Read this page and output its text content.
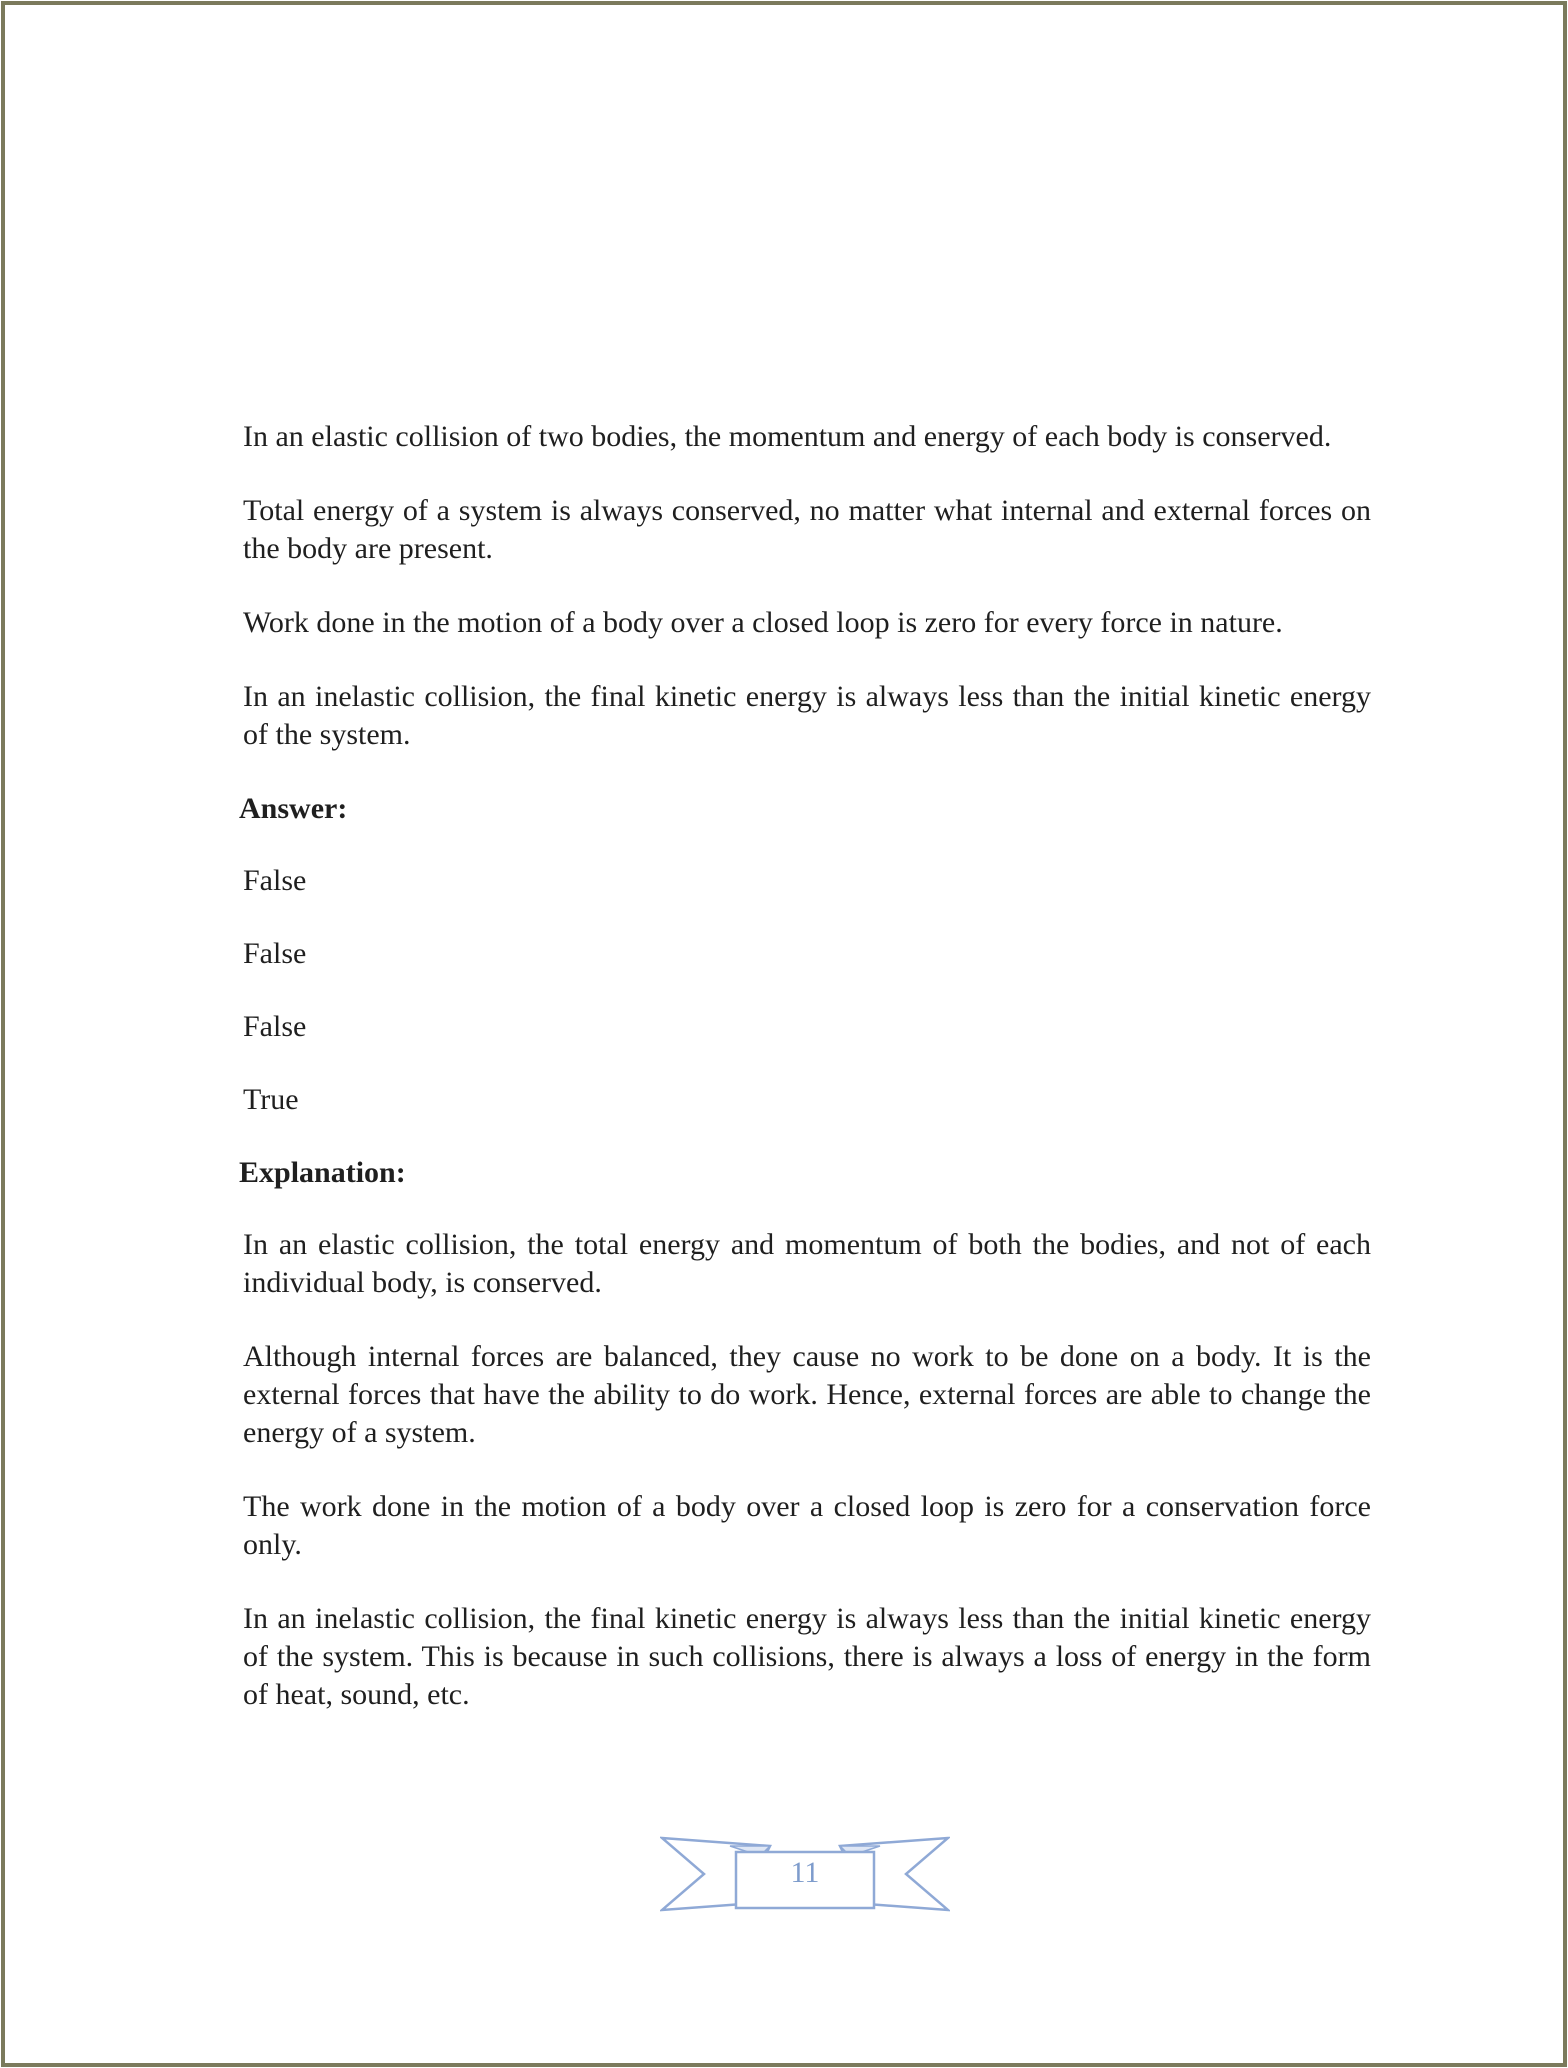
In an elastic collision of two bodies, the momentum and energy of each body is conserved.

Total energy of a system is always conserved, no matter what internal and external forces on the body are present.

Work done in the motion of a body over a closed loop is zero for every force in nature.

In an inelastic collision, the final kinetic energy is always less than the initial kinetic energy of the system.

Answer:

False

False

False

True

Explanation:

In an elastic collision, the total energy and momentum of both the bodies, and not of each individual body, is conserved.

Although internal forces are balanced, they cause no work to be done on a body. It is the external forces that have the ability to do work. Hence, external forces are able to change the energy of a system.

The work done in the motion of a body over a closed loop is zero for a conservation force only.

In an inelastic collision, the final kinetic energy is always less than the initial kinetic energy of the system. This is because in such collisions, there is always a loss of energy in the form of heat, sound, etc.

11
